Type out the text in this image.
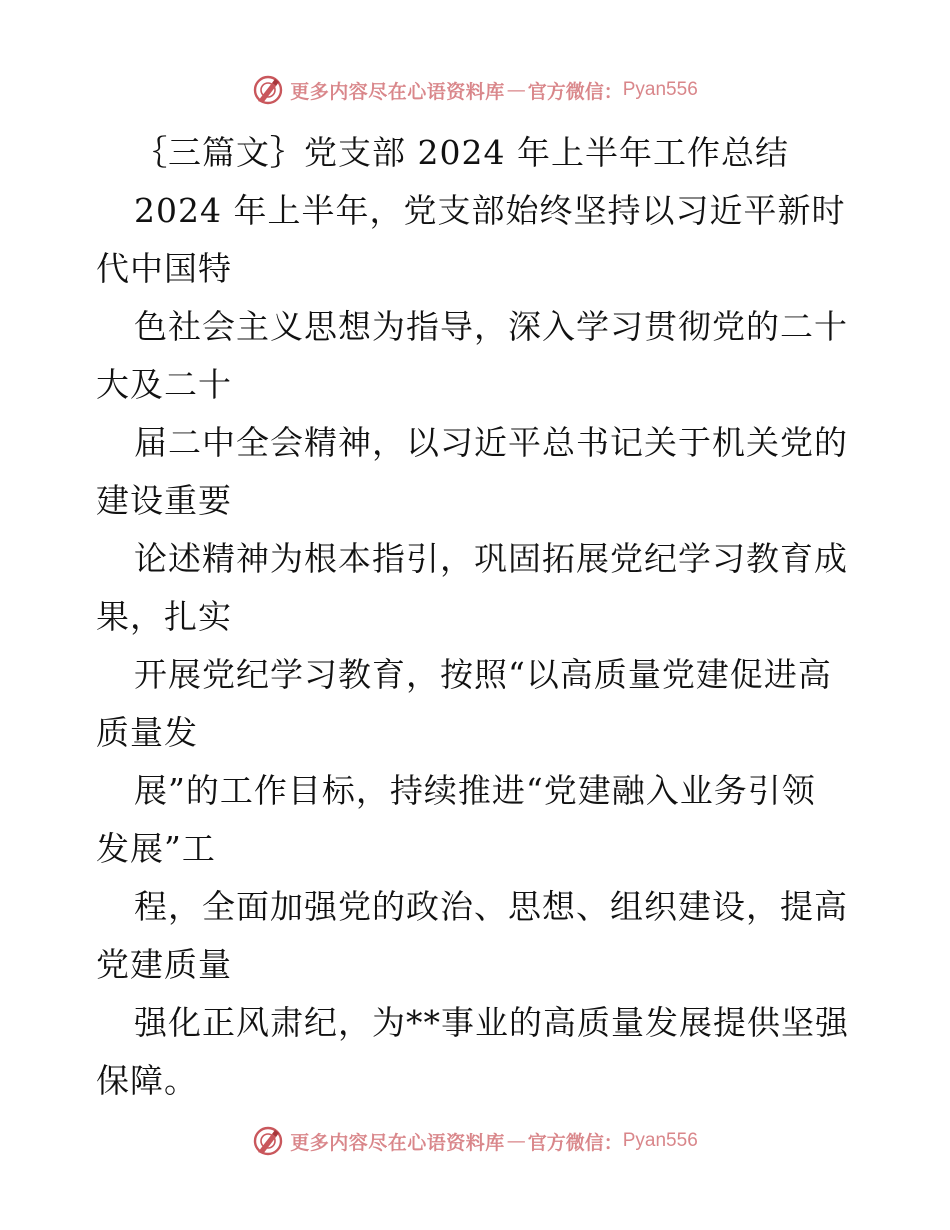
更多内容尽在心语资料库 — 官方微信： Pyan556
｛三篇文｝党支部 2024 年上半年工作总结
2024 年上半年，党支部始终坚持以习近平新时
代中国特
色社会主义思想为指导，深入学习贯彻党的二十
大及二十
届二中全会精神，以习近平总书记关于机关党的
建设重要
论述精神为根本指引，巩固拓展党纪学习教育成
果，扎实
开展党纪学习教育，按照“以高质量党建促进高
质量发
展”的工作目标，持续推进“党建融入业务引领
发展”工
程，全面加强党的政治、思想、组织建设，提高
党建质量
强化正风肃纪，为**事业的高质量发展提供坚强
保障。
更多内容尽在心语资料库 — 官方微信： Pyan556
